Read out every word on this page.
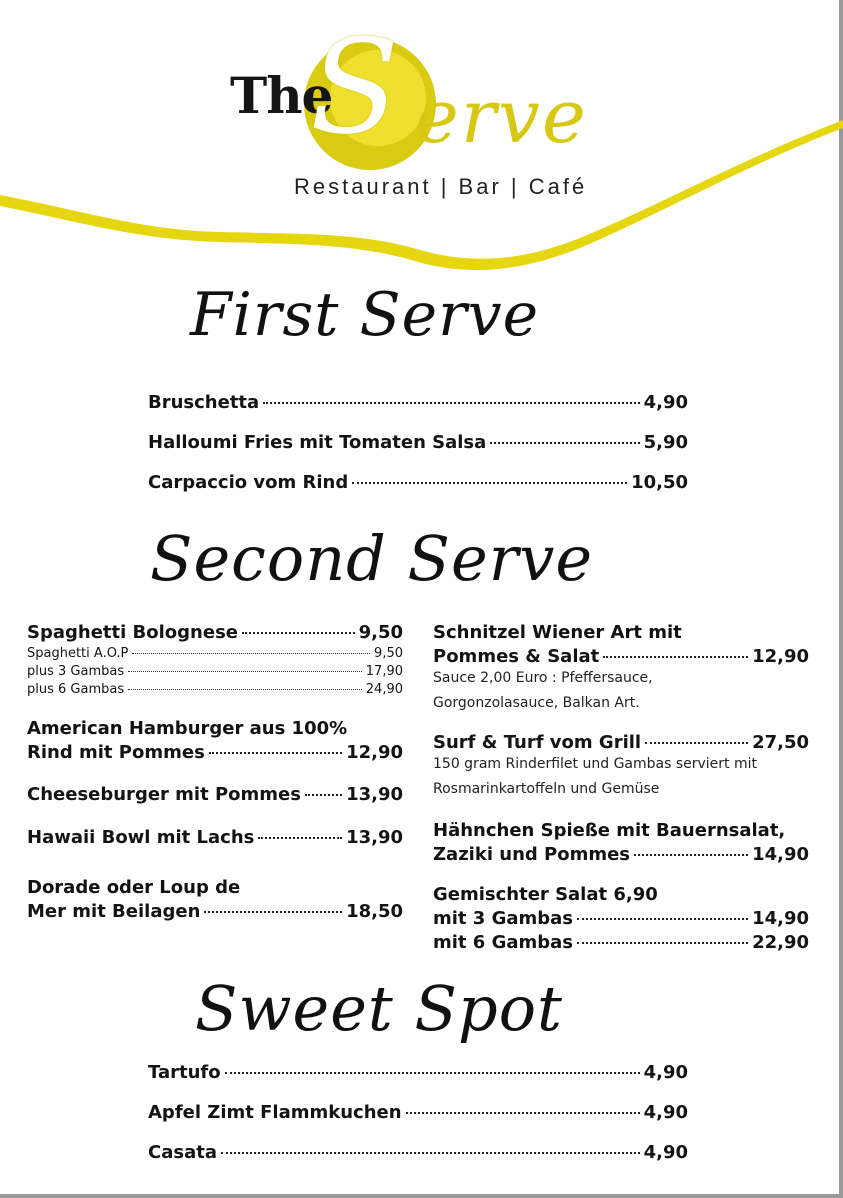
The
S erve
Restaurant | Bar | Café
First Serve
Bruschetta	4,90
Halloumi Fries mit Tomaten Salsa	5,90
Carpaccio vom Rind	10,50
Second Serve
Spaghetti Bolognese	9,50
Spaghetti A.O.P	9,50
plus 3 Gambas	17,90
plus 6 Gambas	24,90
American Hamburger aus 100%
Rind mit Pommes	12,90
Cheeseburger mit Pommes	13,90
Hawaii Bowl mit Lachs	13,90
Dorade oder Loup de
Mer mit Beilagen	18,50
Schnitzel Wiener Art mit
Pommes & Salat	12,90
Sauce 2,00 Euro : Pfeffersauce,
Gorgonzolasauce, Balkan Art.
Surf & Turf vom Grill	27,50
150 gram Rinderfilet und Gambas serviert mit
Rosmarinkartoffeln und Gemüse
Hähnchen Spieße mit Bauernsalat,
Zaziki und Pommes	14,90
Gemischter Salat 6,90
mit 3 Gambas	14,90
mit 6 Gambas	22,90
Sweet Spot
Tartufo	4,90
Apfel Zimt Flammkuchen	4,90
Casata	4,90
